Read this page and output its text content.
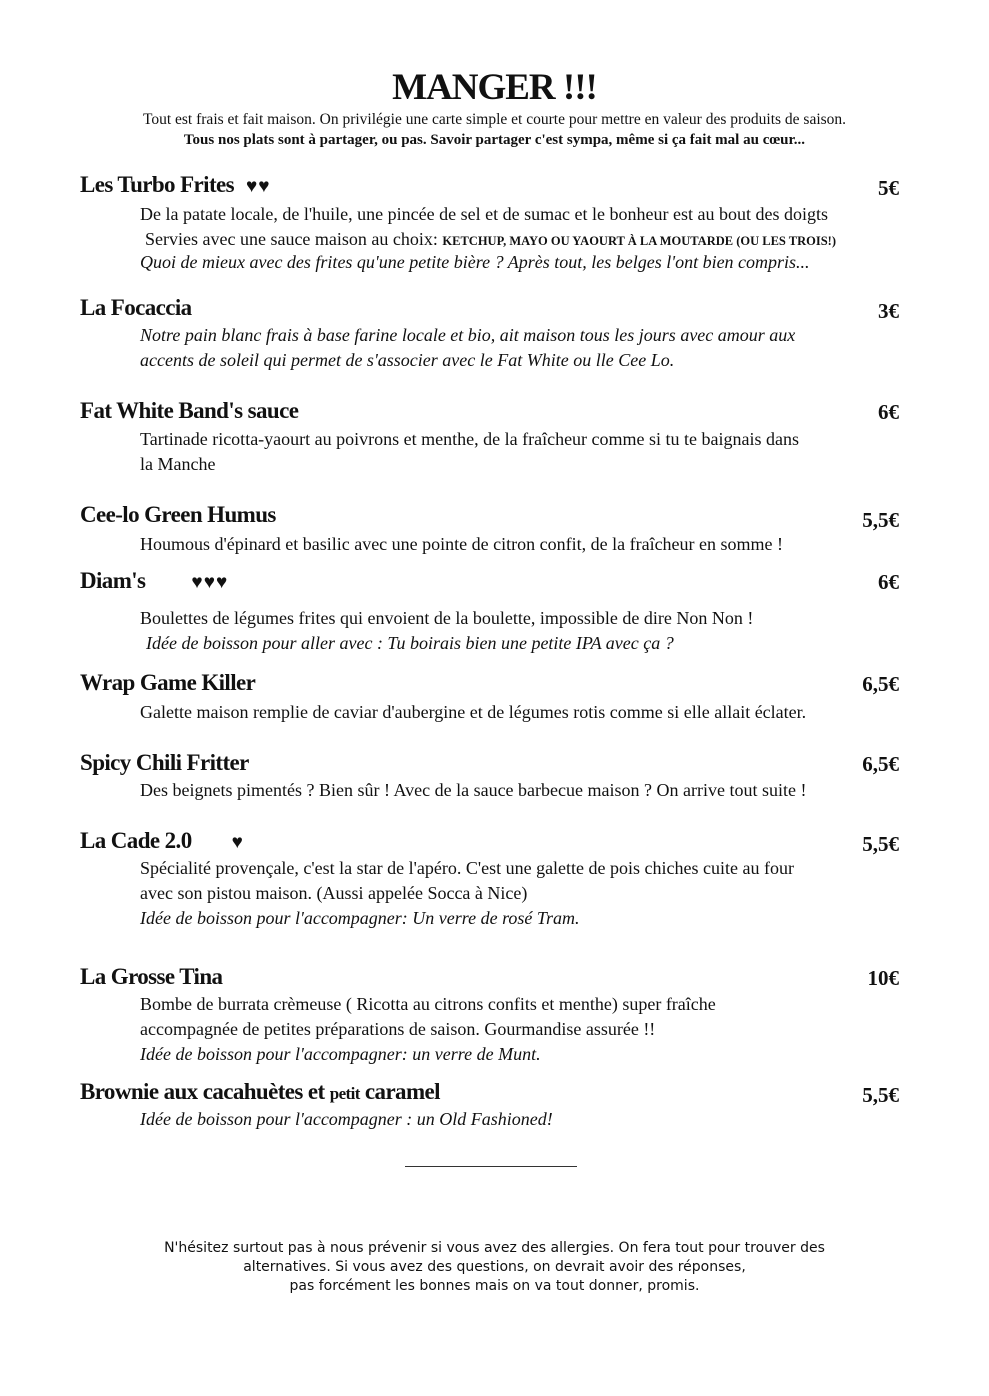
MANGER !!!
Tout est frais et fait maison. On privilégie une carte simple et courte pour mettre en valeur des produits de saison.
Tous nos plats sont à partager, ou pas. Savoir partager c'est sympa, même si ça fait mal au cœur...
Les Turbo Frites ♥♥	5€
De la patate locale, de l'huile, une pincée de sel et de sumac et le bonheur est au bout des doigts
Servies avec une sauce maison au choix: KETCHUP, MAYO OU YAOURT À LA MOUTARDE (OU LES TROIS!)
Quoi de mieux avec des frites qu'une petite bière ? Après tout, les belges l'ont bien compris...
La Focaccia	3€
Notre pain blanc frais à base farine locale et bio, ait maison tous les jours avec amour aux
accents de soleil qui permet de s'associer avec le Fat White ou lle Cee Lo.
Fat White Band's sauce	6€
Tartinade ricotta-yaourt au poivrons et menthe, de la fraîcheur comme si tu te baignais dans
la Manche
Cee-lo Green Humus	5,5€
Houmous d'épinard et basilic avec une pointe de citron confit, de la fraîcheur en somme !
Diam's ♥♥♥	6€
Boulettes de légumes frites qui envoient de la boulette, impossible de dire Non Non !
Idée de boisson pour aller avec : Tu boirais bien une petite IPA avec ça ?
Wrap Game Killer	6,5€
Galette maison remplie de caviar d'aubergine et de légumes rotis comme si elle allait éclater.
Spicy Chili Fritter	6,5€
Des beignets pimentés ? Bien sûr ! Avec de la sauce barbecue maison ? On arrive tout suite !
La Cade 2.0 ♥	5,5€
Spécialité provençale, c'est la star de l'apéro. C'est une galette de pois chiches cuite au four
avec son pistou maison. (Aussi appelée Socca à Nice)
Idée de boisson pour l'accompagner: Un verre de rosé Tram.
La Grosse Tina	10€
Bombe de burrata crèmeuse ( Ricotta au citrons confits et menthe) super fraîche
accompagnée de petites préparations de saison. Gourmandise assurée !!
Idée de boisson pour l'accompagner: un verre de Munt.
Brownie aux cacahuètes et petit caramel	5,5€
Idée de boisson pour l'accompagner : un Old Fashioned!
N'hésitez surtout pas à nous prévenir si vous avez des allergies. On fera tout pour trouver des
alternatives. Si vous avez des questions, on devrait avoir des réponses,
pas forcément les bonnes mais on va tout donner, promis.
